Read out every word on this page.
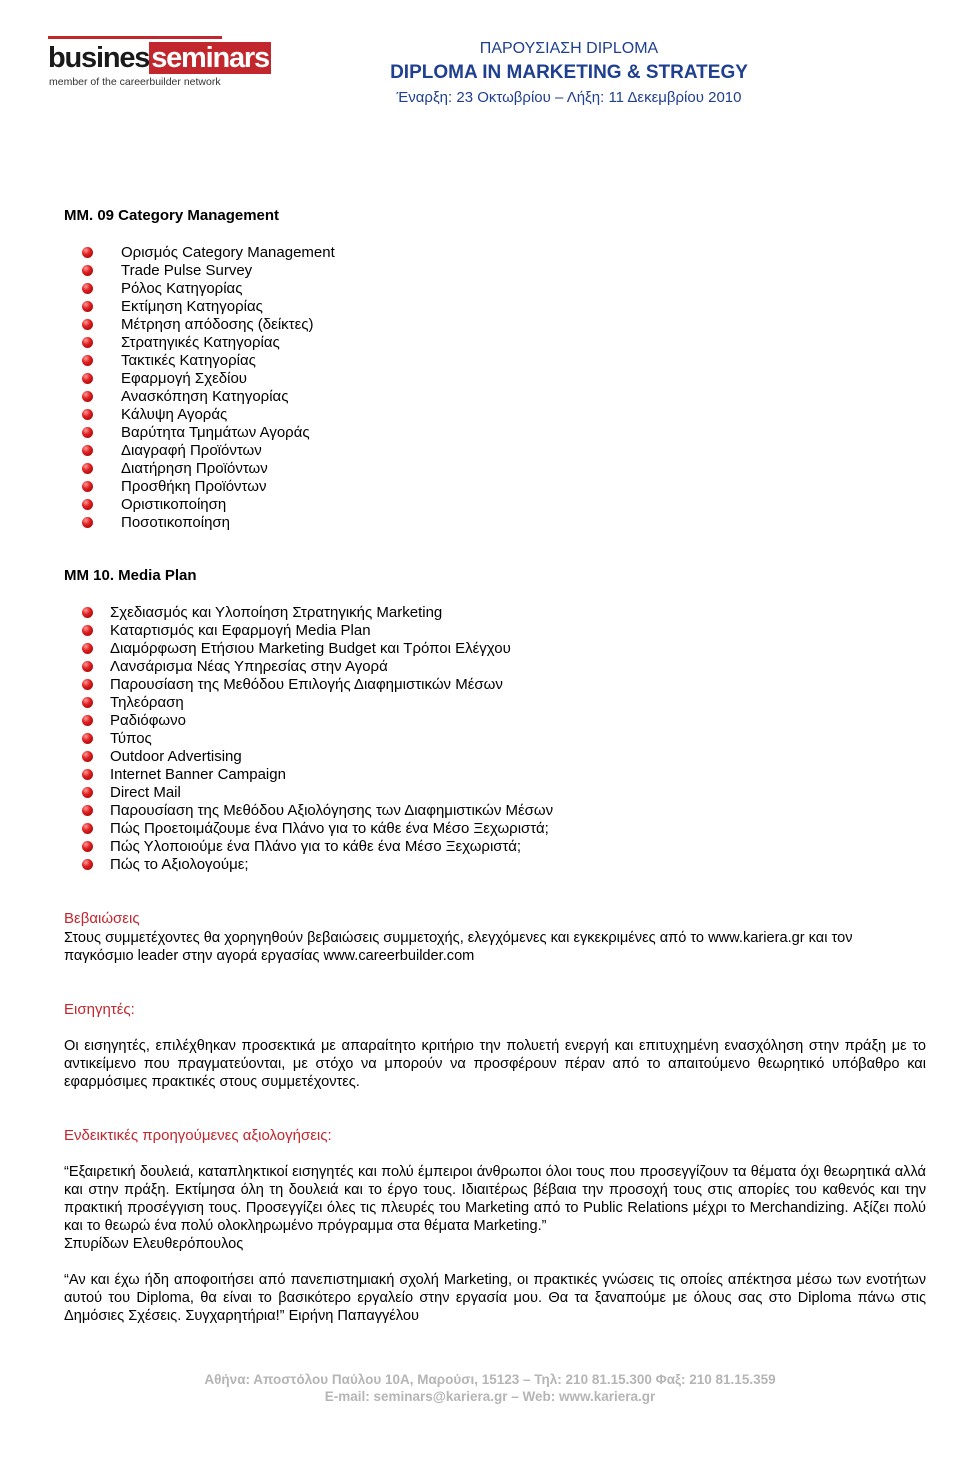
businesseminars
member of the careerbuilder network
ΠΑΡΟΥΣΙΑΣΗ DIPLOMA
DIPLOMA IN MARKETING & STRATEGY
Έναρξη: 23 Οκτωβρίου – Λήξη: 11 Δεκεμβρίου 2010
ΜΜ. 09 Category Management
Ορισμός Category Management
Trade Pulse Survey
Ρόλος Κατηγορίας
Εκτίμηση Κατηγορίας
Μέτρηση απόδοσης (δείκτες)
Στρατηγικές Κατηγορίας
Τακτικές Κατηγορίας
Εφαρμογή Σχεδίου
Ανασκόπηση Κατηγορίας
Κάλυψη Αγοράς
Βαρύτητα Τμημάτων Αγοράς
Διαγραφή Προϊόντων
Διατήρηση Προϊόντων
Προσθήκη Προϊόντων
Οριστικοποίηση
Ποσοτικοποίηση
ΜΜ 10. Media Plan
Σχεδιασμός και Υλοποίηση Στρατηγικής Marketing
Καταρτισμός και Εφαρμογή Media Plan
Διαμόρφωση Ετήσιου Marketing Budget και Τρόποι Ελέγχου
Λανσάρισμα Νέας Υπηρεσίας στην Αγορά
Παρουσίαση της Μεθόδου Επιλογής Διαφημιστικών Μέσων
Τηλεόραση
Ραδιόφωνο
Τύπος
Outdoor Advertising
Internet Banner Campaign
Direct Mail
Παρουσίαση της Μεθόδου Αξιολόγησης των Διαφημιστικών Μέσων
Πώς Προετοιμάζουμε ένα Πλάνο για το κάθε ένα Μέσο Ξεχωριστά;
Πώς Υλοποιούμε ένα Πλάνο για το κάθε ένα Μέσο Ξεχωριστά;
Πώς το Αξιολογούμε;
Βεβαιώσεις
Στους συμμετέχοντες θα χορηγηθούν βεβαιώσεις συμμετοχής, ελεγχόμενες και εγκεκριμένες από το www.kariera.gr και τον παγκόσμιο leader στην αγορά εργασίας www.careerbuilder.com
Εισηγητές:
Οι εισηγητές, επιλέχθηκαν προσεκτικά με απαραίτητο κριτήριο την πολυετή ενεργή και επιτυχημένη ενασχόληση στην πράξη με το αντικείμενο που πραγματεύονται, με στόχο να μπορούν να προσφέρουν πέραν από το απαιτούμενο θεωρητικό υπόβαθρο και εφαρμόσιμες πρακτικές στους συμμετέχοντες.
Ενδεικτικές προηγούμενες αξιολογήσεις:
“Εξαιρετική δουλειά, καταπληκτικοί εισηγητές και πολύ έμπειροι άνθρωποι όλοι τους που προσεγγίζουν τα θέματα όχι θεωρητικά αλλά και στην πράξη. Εκτίμησα όλη τη δουλειά και το έργο τους. Ιδιαιτέρως βέβαια την προσοχή τους στις απορίες του καθενός και την πρακτική προσέγγιση τους. Προσεγγίζει όλες τις πλευρές του Marketing από το Public Relations μέχρι το Merchandizing. Αξίζει πολύ και το θεωρώ ένα πολύ ολοκληρωμένο πρόγραμμα στα θέματα Marketing.”
Σπυρίδων Ελευθερόπουλος
“Αν και έχω ήδη αποφοιτήσει από πανεπιστημιακή σχολή Marketing, οι πρακτικές γνώσεις τις οποίες απέκτησα μέσω των ενοτήτων αυτού του Diploma, θα είναι το βασικότερο εργαλείο στην εργασία μου. Θα τα ξαναπούμε με όλους σας στο Diploma πάνω στις Δημόσιες Σχέσεις. Συγχαρητήρια!” Ειρήνη Παπαγγέλου
Αθήνα: Αποστόλου Παύλου 10Α, Μαρούσι, 15123 – Τηλ: 210 81.15.300 Φαξ: 210 81.15.359
E-mail: seminars@kariera.gr – Web: www.kariera.gr
